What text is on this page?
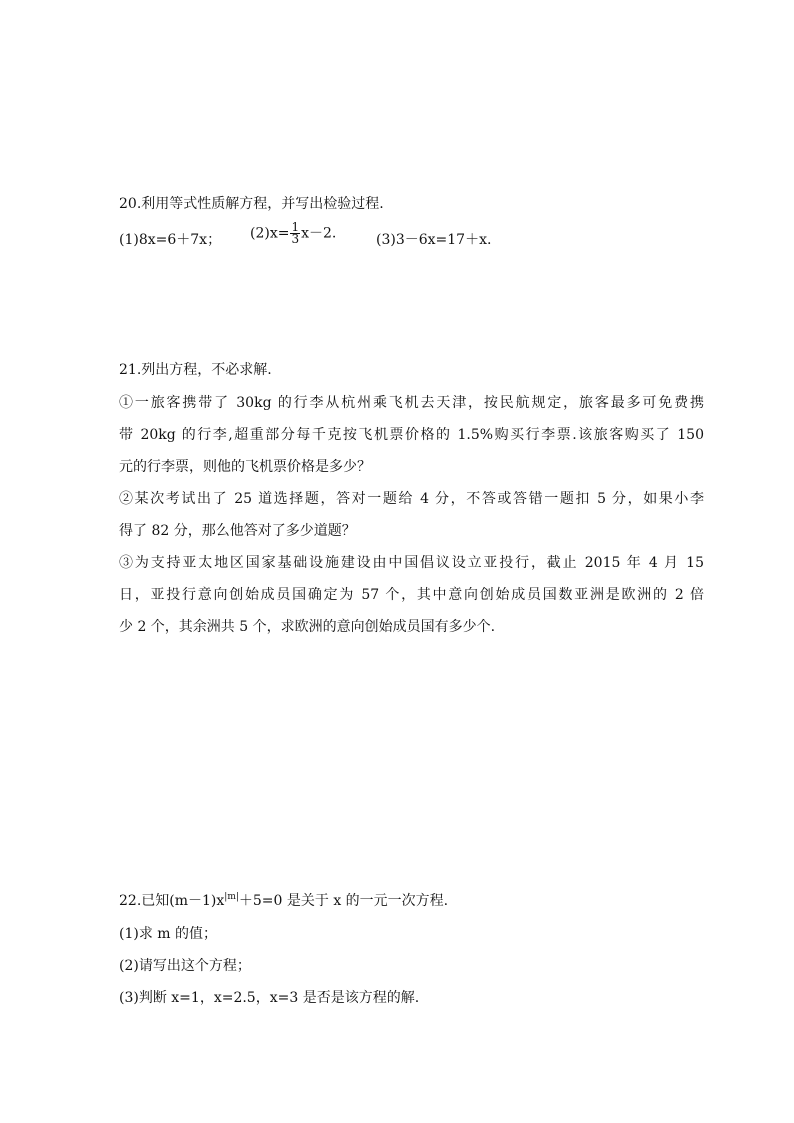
20.利用等式性质解方程，并写出检验过程.
(1)8x=6＋7x； $(2)x= \frac{1}{3} x-2$.	(3)3－6x=17＋x.
21.列出方程，不必求解.
①一旅客携带了 30kg 的行李从杭州乘飞机去天津，按民航规定，旅客最多可免费携
带 20kg 的行李,超重部分每千克按飞机票价格的 1.5%购买行李票.该旅客购买了 150
元的行李票，则他的飞机票价格是多少？
②某次考试出了 25 道选择题，答对一题给 4 分，不答或答错一题扣 5 分，如果小李
得了 82 分，那么他答对了多少道题？
③为支持亚太地区国家基础设施建设由中国倡议设立亚投行，截止 2015 年 4 月 15
日，亚投行意向创始成员国确定为 57 个，其中意向创始成员国数亚洲是欧洲的 2 倍
少 2 个，其余洲共 5 个，求欧洲的意向创始成员国有多少个.
22.已知$(m-1)x^{|m|}+5=0$ 是关于 x 的一元一次方程.
(1)求 m 的值；
(2)请写出这个方程；
(3)判断 x=1，x=2.5，x=3 是否是该方程的解.
